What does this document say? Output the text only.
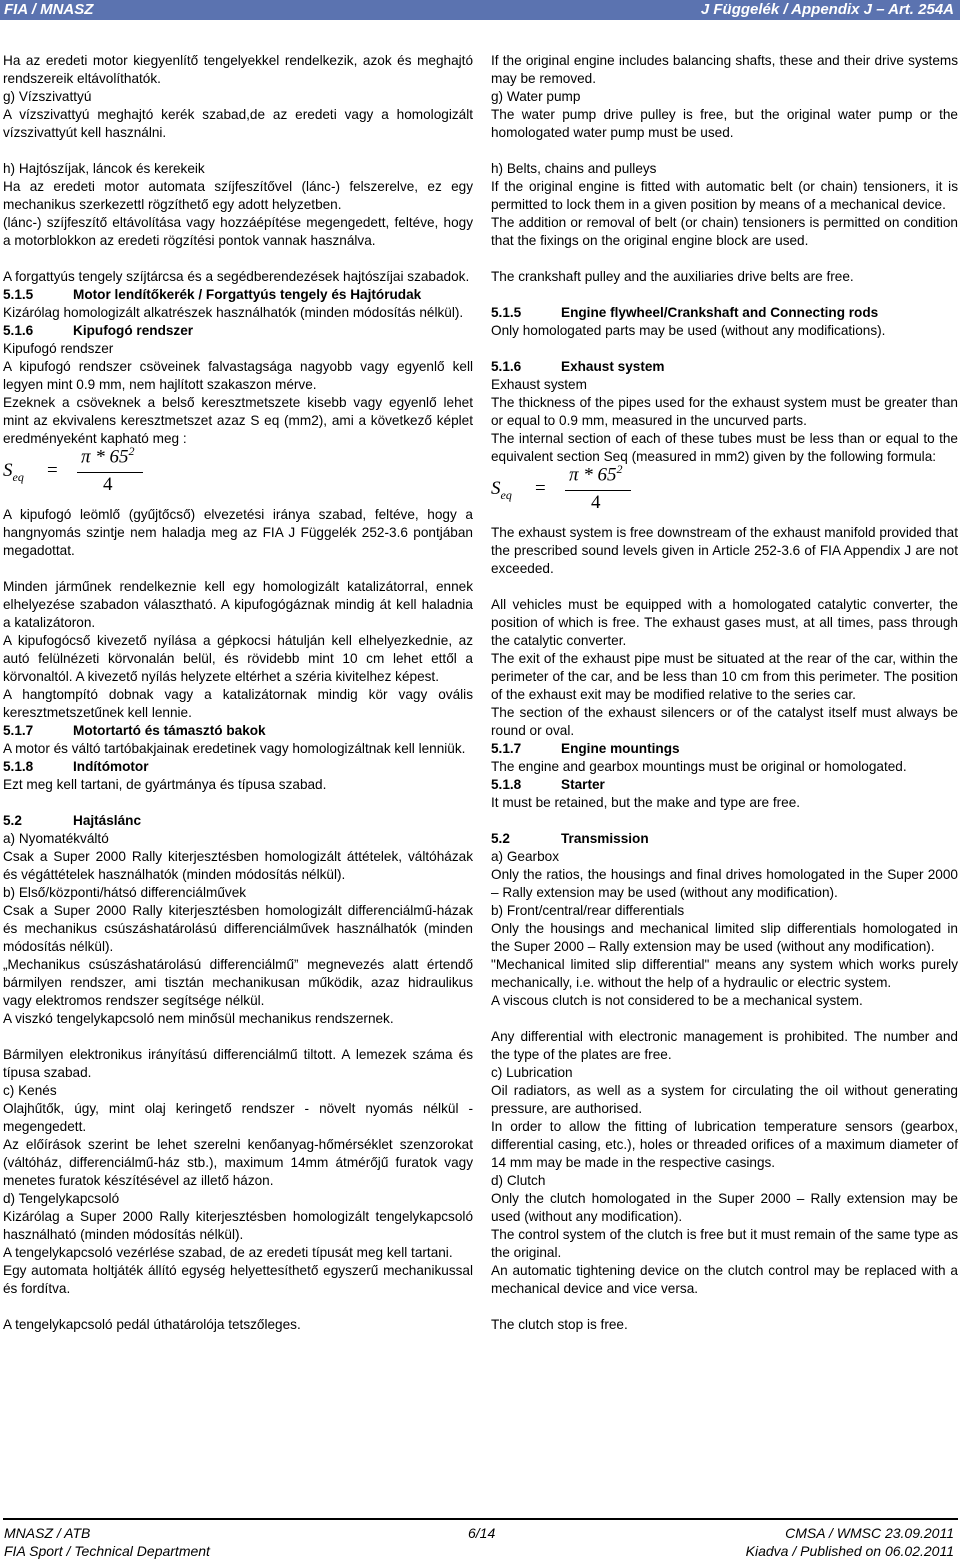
FIA / MNASZ	J Függelék / Appendix J – Art. 254A

Ha az eredeti motor kiegyenlítő tengelyekkel rendelkezik, azok és meghajtó rendszereik eltávolíthatók.

g) Vízszivattyú

A vízszivattyú meghajtó kerék szabad,de az eredeti vagy a homologizált vízszivattyút kell használni.

h) Hajtószíjak, láncok és kerekeik

Ha az eredeti motor automata szíjfeszítővel (lánc-) felszerelve, ez egy mechanikus szerkezettl rögzíthető egy adott helyzetben.

(lánc-) szíjfeszítő eltávolítása vagy hozzáépítése megengedett, feltéve, hogy a motorblokkon az eredeti rögzítési pontok vannak használva.

A forgattyús tengely szíjtárcsa és a segédberendezések hajtószíjai szabadok.

5.1.5	Motor lendítőkerék / Forgattyús tengely és Hajtórudak

Kizárólag homologizált alkatrészek használhatók (minden módosítás nélkül).

5.1.6	Kipufogó rendszer

Kipufogó rendszer

A kipufogó rendszer csöveinek falvastagsága nagyobb vagy egyenlő kell legyen mint 0.9 mm, nem hajlított szakaszon mérve.

Ezeknek a csöveknek a belső keresztmetszete kisebb vagy egyenlő lehet mint az ekvivalens keresztmetszet azaz S eq (mm2), ami a következő képlet eredményeként kapható meg :

$S_{eq}$ =
π * $65^2$
4

A kipufogó leömlő (gyűjtőcső) elvezetési iránya szabad, feltéve, hogy a hangnyomás szintje nem haladja meg az FIA J Függelék 252-3.6 pontjában megadottat.

Minden járműnek rendelkeznie kell egy homologizált katalizátorral, ennek elhelyezése szabadon választható. A kipufogógáznak mindig át kell haladnia a katalizátoron.

A kipufogócső kivezető nyílása a gépkocsi hátulján kell elhelyezkednie, az autó felülnézeti körvonalán belül, és rövidebb mint 10 cm lehet ettől a körvonaltól. A kivezető nyílás helyzete eltérhet a széria kivitelhez képest.

A hangtompító dobnak vagy a katalizátornak mindig kör vagy ovális keresztmetszetűnek kell lennie.

5.1.7	Motortartó és támasztó bakok

A motor és váltó tartóbakjainak eredetinek vagy homologizáltnak kell lenniük.

5.1.8	Indítómotor

Ezt meg kell tartani, de gyártmánya és típusa szabad.

5.2	Hajtáslánc

a) Nyomatékváltó

Csak a Super 2000 Rally kiterjesztésben homologizált áttételek, váltóházak és végáttételek használhatók (minden módosítás nélkül).

b) Első/központi/hátsó differenciálművek

Csak a Super 2000 Rally kiterjesztésben homologizált differenciálmű-házak és mechanikus csúszáshatárolású differenciálművek használhatók (minden módosítás nélkül).

„Mechanikus csúszáshatárolású differenciálmű” megnevezés alatt értendő bármilyen rendszer, ami tisztán mechanikusan működik, azaz hidraulikus vagy elektromos rendszer segítsége nélkül.

A viszkó tengelykapcsoló nem minősül mechanikus rendszernek.

Bármilyen elektronikus irányítású differenciálmű tiltott. A lemezek száma és típusa szabad.

c) Kenés

Olajhűtők, úgy, mint olaj keringető rendszer - növelt nyomás nélkül - megengedett.

Az előírások szerint be lehet szerelni kenőanyag-hőmérséklet szenzorokat (váltóház, differenciálmű-ház stb.), maximum 14mm átmérőjű furatok vagy menetes furatok készítésével az illető házon.

d) Tengelykapcsoló

Kizárólag a Super 2000 Rally kiterjesztésben homologizált tengelykapcsoló használható (minden módosítás nélkül).

A tengelykapcsoló vezérlése szabad, de az eredeti típusát meg kell tartani.

Egy automata holtjáték állító egység helyettesíthető egyszerű mechanikussal és fordítva.

A tengelykapcsoló pedál úthatárolója tetszőleges.

If the original engine includes balancing shafts, these and their drive systems may be removed.

g) Water pump

The water pump drive pulley is free, but the original water pump or the homologated water pump must be used.

h) Belts, chains and pulleys

If the original engine is fitted with automatic belt (or chain) tensioners, it is permitted to lock them in a given position by means of a mechanical device.

The addition or removal of belt (or chain) tensioners is permitted on condition that the fixings on the original engine block are used.

The crankshaft pulley and the auxiliaries drive belts are free.

5.1.5	Engine flywheel/Crankshaft and Connecting rods

Only homologated parts may be used (without any modifications).

5.1.6	Exhaust system

Exhaust system

The thickness of the pipes used for the exhaust system must be greater than or equal to 0.9 mm, measured in the uncurved parts.

The internal section of each of these tubes must be less than or equal to the equivalent section Seq (measured in mm2) given by the following formula:

$S_{eq}$ =
π * $65^2$
4

The exhaust system is free downstream of the exhaust manifold provided that the prescribed sound levels given in Article 252-3.6 of FIA Appendix J are not exceeded.

All vehicles must be equipped with a homologated catalytic converter, the position of which is free. The exhaust gases must, at all times, pass through the catalytic converter.

The exit of the exhaust pipe must be situated at the rear of the car, within the perimeter of the car, and be less than 10 cm from this perimeter. The position of the exhaust exit may be modified relative to the series car.

The section of the exhaust silencers or of the catalyst itself must always be round or oval.

5.1.7	Engine mountings

The engine and gearbox mountings must be original or homologated.

5.1.8	Starter

It must be retained, but the make and type are free.

5.2	Transmission

a) Gearbox

Only the ratios, the housings and final drives homologated in the Super 2000 – Rally extension may be used (without any modification).

b) Front/central/rear differentials

Only the housings and mechanical limited slip differentials homologated in the Super 2000 – Rally extension may be used (without any modification).

"Mechanical limited slip differential" means any system which works purely mechanically, i.e. without the help of a hydraulic or electric system.

A viscous clutch is not considered to be a mechanical system.

Any differential with electronic management is prohibited. The number and the type of the plates are free.

c) Lubrication

Oil radiators, as well as a system for circulating the oil without generating pressure, are authorised.

In order to allow the fitting of lubrication temperature sensors (gearbox, differential casing, etc.), holes or threaded orifices of a maximum diameter of 14 mm may be made in the respective casings.

d) Clutch

Only the clutch homologated in the Super 2000 – Rally extension may be used (without any modification).

The control system of the clutch is free but it must remain of the same type as the original.

An automatic tightening device on the clutch control may be replaced with a mechanical device and vice versa.

The clutch stop is free.

MNASZ / ATB
FIA Sport / Technical Department
6/14	CMSA / WMSC 23.09.2011
Kiadva / Published on 06.02.2011
